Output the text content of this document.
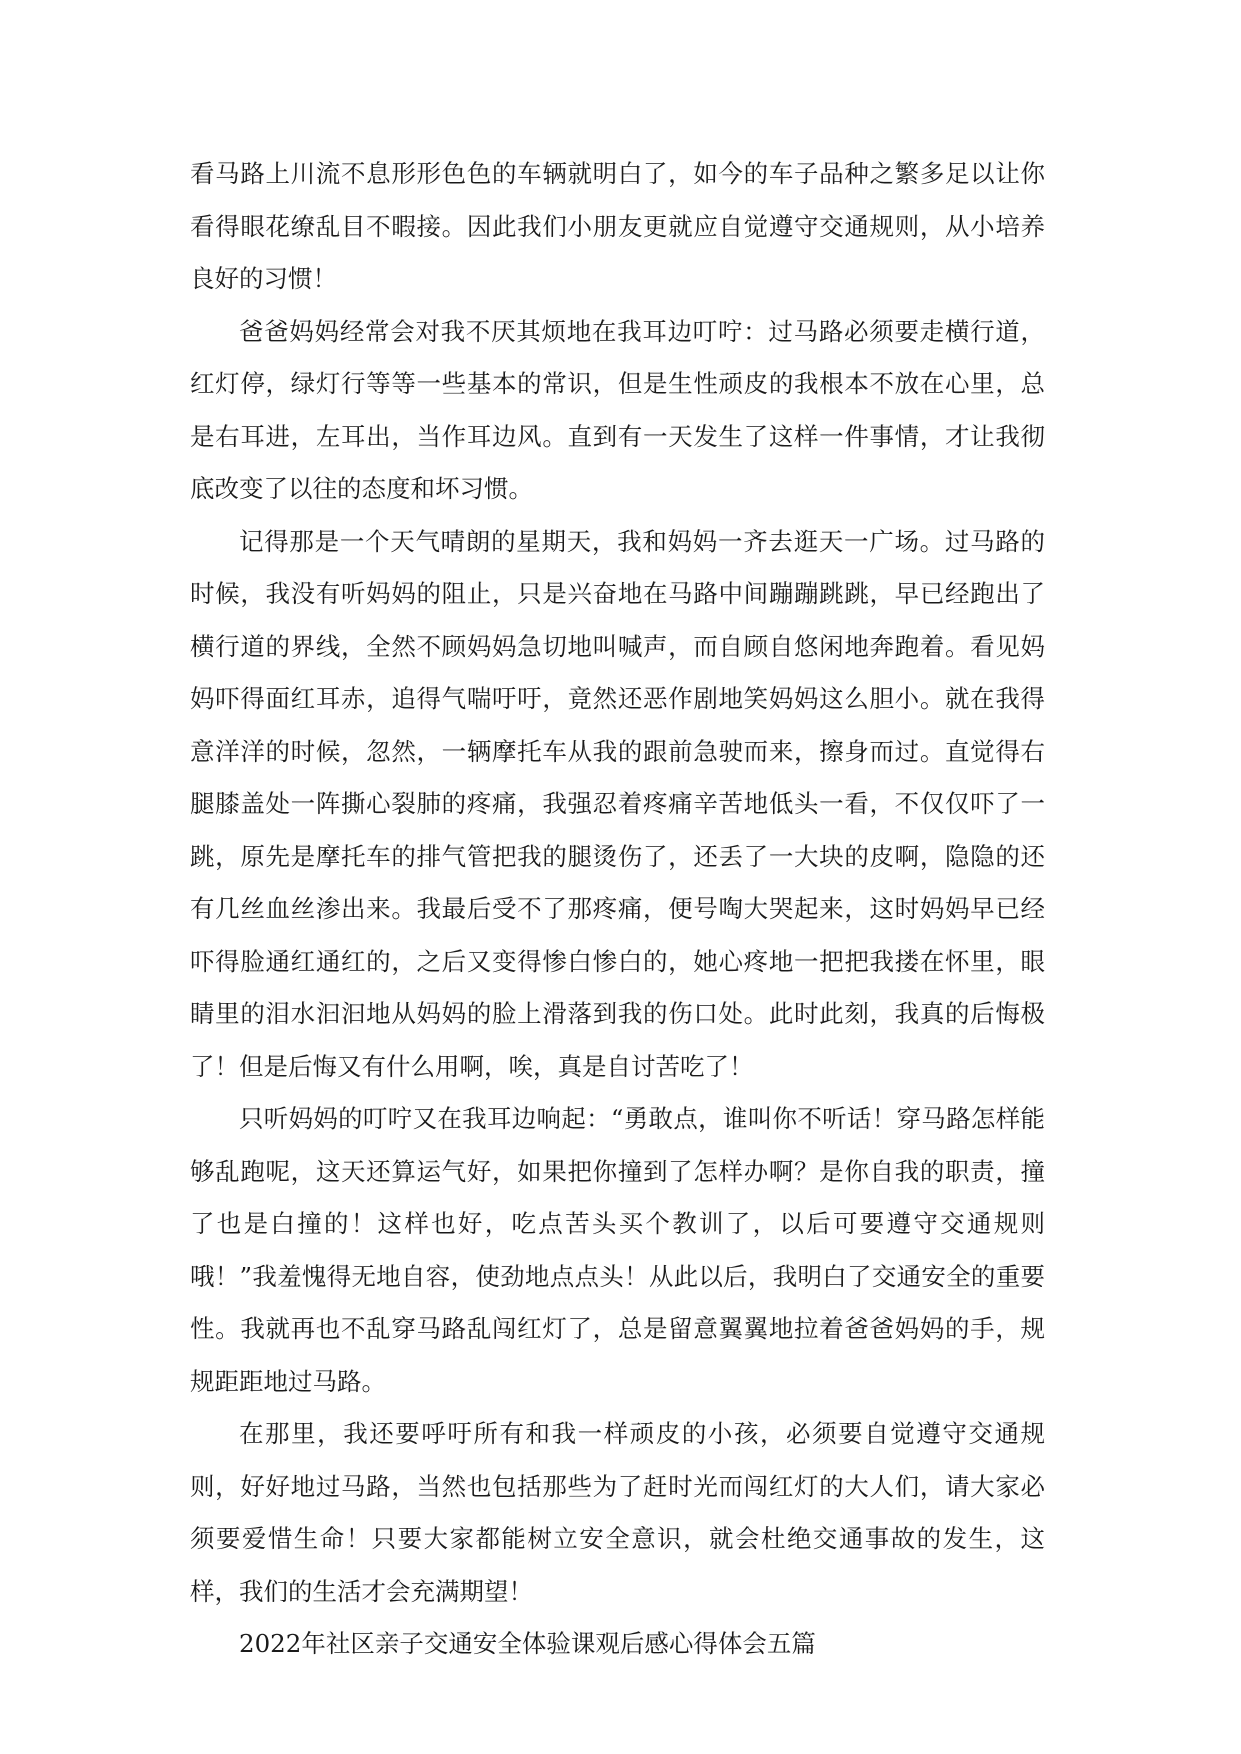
看马路上川流不息形形色色的车辆就明白了，如今的车子品种之繁多足以让你看得眼花缭乱目不暇接。因此我们小朋友更就应自觉遵守交通规则，从小培养良好的习惯！

爸爸妈妈经常会对我不厌其烦地在我耳边叮咛：过马路必须要走横行道，红灯停，绿灯行等等一些基本的常识，但是生性顽皮的我根本不放在心里，总是右耳进，左耳出，当作耳边风。直到有一天发生了这样一件事情，才让我彻底改变了以往的态度和坏习惯。

记得那是一个天气晴朗的星期天，我和妈妈一齐去逛天一广场。过马路的时候，我没有听妈妈的阻止，只是兴奋地在马路中间蹦蹦跳跳，早已经跑出了横行道的界线，全然不顾妈妈急切地叫喊声，而自顾自悠闲地奔跑着。看见妈妈吓得面红耳赤，追得气喘吁吁，竟然还恶作剧地笑妈妈这么胆小。就在我得意洋洋的时候，忽然，一辆摩托车从我的跟前急驶而来，擦身而过。直觉得右腿膝盖处一阵撕心裂肺的疼痛，我强忍着疼痛辛苦地低头一看，不仅仅吓了一跳，原先是摩托车的排气管把我的腿烫伤了，还丢了一大块的皮啊，隐隐的还有几丝血丝渗出来。我最后受不了那疼痛，便号啕大哭起来，这时妈妈早已经吓得脸通红通红的，之后又变得惨白惨白的，她心疼地一把把我搂在怀里，眼睛里的泪水汩汩地从妈妈的脸上滑落到我的伤口处。此时此刻，我真的后悔极了！但是后悔又有什么用啊，唉，真是自讨苦吃了！

只听妈妈的叮咛又在我耳边响起：“勇敢点，谁叫你不听话！穿马路怎样能够乱跑呢，这天还算运气好，如果把你撞到了怎样办啊？是你自我的职责，撞了也是白撞的！这样也好，吃点苦头买个教训了，以后可要遵守交通规则哦！”我羞愧得无地自容，使劲地点点头！从此以后，我明白了交通安全的重要性。我就再也不乱穿马路乱闯红灯了，总是留意翼翼地拉着爸爸妈妈的手，规规距距地过马路。

在那里，我还要呼吁所有和我一样顽皮的小孩，必须要自觉遵守交通规则，好好地过马路，当然也包括那些为了赶时光而闯红灯的大人们，请大家必须要爱惜生命！只要大家都能树立安全意识，就会杜绝交通事故的发生，这样，我们的生活才会充满期望！

2022年社区亲子交通安全体验课观后感心得体会五篇
